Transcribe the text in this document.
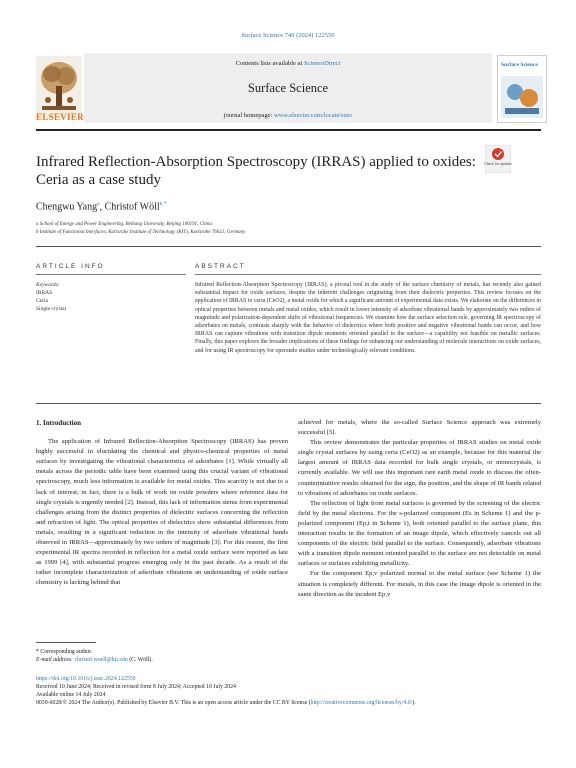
Surface Science 749 (2024) 122550
Contents lists available at ScienceDirect
Surface Science
journal homepage: www.elsevier.com/locate/susc
ELSEVIER
Surface Science
Check for updates
Infrared Reflection-Absorption Spectroscopy (IRRAS) applied to oxides: Ceria as a case study
Chengwu Yang$^a$, Christof Wöll$^{b,*}$
a School of Energy and Power Engineering, Beihang University, Beijing 100191, China
b Institute of Functional Interfaces, Karlsruhe Institute of Technology (KIT), Karlsruhe 76021, Germany
ARTICLE INFO	ABSTRACT
Keywords:
IRRAS
Ceria
Single crystal
Infrared Reflection-Absorption Spectroscopy (IRRAS), a pivotal tool in the study of the surface chemistry of metals, has recently also gained substantial impact for oxide surfaces, despite the inherent challenges originating from their dielectric properties. This review focuses on the application of IRRAS to ceria (CeO2), a metal oxide for which a significant amount of experimental data exists. We elaborate on the differences in optical properties between metals and metal oxides, which result in lower intensity of adsorbate vibrational bands by approximately two orders of magnitude and polarization-dependent shifts of vibrational frequencies. We examine how the surface selection rule, governing IR spectroscopy of adsorbates on metals, contrasts sharply with the behavior of dielectrics where both positive and negative vibrational bands can occur, and how IRRAS can capture vibrations with transition dipole moments oriented parallel to the surface—a capability not feasible on metallic surfaces. Finally, this paper explores the broader implications of these findings for enhancing our understanding of molecule interactions on oxide surfaces, and for using IR spectroscopy for operando studies under technologically relevant conditions.
1. Introduction

The application of Infrared Reflection-Absorption Spectroscopy (IRRAS) has proven highly successful in elucidating the chemical and physico-chemical properties of metal surfaces by investigating the vibrational characteristics of adsorbates [1]. While virtually all metals across the periodic table have been examined using this crucial variant of vibrational spectroscopy, much less information is available for metal oxides. This scarcity is not due to a lack of interest; in fact, there is a bulk of work on oxide powders where reference data for single crystals is urgently needed [2]. Instead, this lack of information stems from experimental challenges arising from the distinct properties of dielectric surfaces concerning the reflection and refraction of light. The optical properties of dielectrics show substantial differences from metals, resulting in a significant reduction in the intensity of adsorbate vibrational bands observed in IRRAS—approximately by two orders of magnitude [3]. For this reason, the first experimental IR spectra recorded in reflection for a metal oxide surface were reported as late as 1999 [4], with substantial progress emerging only in the past decade. As a result of the rather incomplete characterization of adsorbate vibrations an understanding of oxide surface chemistry is lacking behind that

achieved for metals, where the so-called Surface Science approach was extremely successful [5].

This review demonstrates the particular properties of IRRAS studies on metal oxide single crystal surfaces by using ceria (CeO2) as an example, because for this material the largest amount of IRRAS data recorded for bulk single crystals, or monocrystals, is currently available. We will use this important rare earth metal oxide to discuss the often-counterintuitive results obtained for the sign, the position, and the shape of IR bands related to vibrations of adsorbates on oxide surfaces.

The reflection of light from metal surfaces is governed by the screening of the electric field by the metal electrons. For the s-polarized component (Es in Scheme 1) and the p-polarized component (Ep,t in Scheme 1), both oriented parallel to the surface plane, this interaction results in the formation of an image dipole, which effectively cancels out all components of the electric field parallel to the surface. Consequently, adsorbate vibrations with a transition dipole moment oriented parallel to the surface are not detectable on metal surfaces or surfaces exhibiting metallicity.

For the component Ep,v polarized normal to the metal surface (see Scheme 1) the situation is completely different. For metals, in this case the image dipole is oriented in the same direction as the incident Ep,v

* Corresponding author.
E-mail address: christof.woell@kit.edu (C. Wöll).
https://doi.org/10.1016/j.susc.2024.122550
Received 10 June 2024; Received in revised form 8 July 2024; Accepted 10 July 2024
Available online 14 July 2024
0039-6028/© 2024 The Author(s). Published by Elsevier B.V. This is an open access article under the CC BY license (http://creativecommons.org/licenses/by/4.0/).
